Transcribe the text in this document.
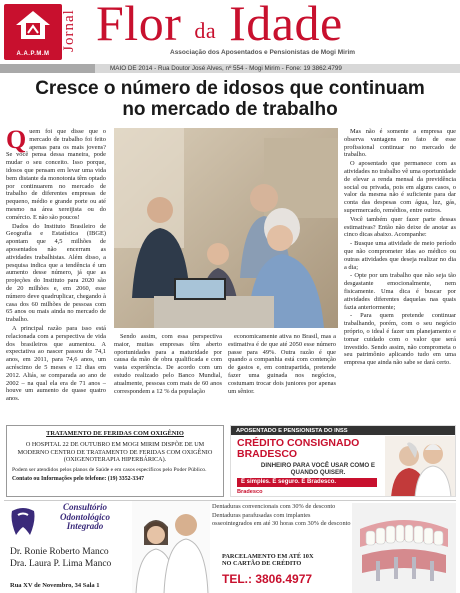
A.A.P.M.M
Jornal Flor da Idade
Associação dos Aposentados e Pensionistas de Mogi Mirim
MAIO DE 2014 - Rua Doutor José Alves, nº 554 - Mogi Mirim - Fone: 19 3862.4799
Cresce o número de idosos que continuam
no mercado de trabalho

Quem foi que disse que o mercado de trabalho foi feito apenas para os mais jovens? Se você pensa dessa maneira, pode mudar o seu conceito. Isso porque, idosos que pensam em levar uma vida bem distante da monotonia têm optado por continuarem no mercado de trabalho de diferentes empresas de pequeno, médio e grande porte ou até mesmo na área xereijista ou do comércio. E não são poucos!

Dados do Instituto Brasileiro de Geografia e Estatística (IBGE) apontam que 4,5 milhões de aposentados não encerram as atividades trabalhistas. Além disso, a pesquisa indica que a tendência é um aumento desse número, já que as projeções do Instituto para 2020 são de 20 milhões e, em 2060, esse número deve quadruplicar, chegando à casa dos 60 milhões de pessoas com 65 anos ou mais ainda no mercado de trabalho.

A principal razão para isso está relacionada com a perspectiva de vida dos brasileiros que aumentou. A expectativa ao nascer passou de 74,1 anos, em 2011, para 74,6 anos, um acréscimo de 5 meses e 12 dias em 2012. Aliás, se comparada ao ano de 2002 – na qual ela era de 71 anos – houve um aumento de quase quatro anos.

Sendo assim, com essa perspectiva maior, muitas empresas têm aberto oportunidades para a maturidade por causa da mão de obra qualificada e com vasta experiência. De acordo com um estudo realizado pelo Banco Mundial, atualmente, pessoas com mais de 60 anos correspondem a 12 % da população

economicamente ativa no Brasil, mas a estimativa é de que até 2050 esse número passe para 49%. Outra razão é que quando a companhia está com contenção de gastos e, em contrapartida, pretende fazer uma guinada nos negócios, costumam trocar dois juniores por apenas um sênior.

Mas não é somente a empresa que observa vantagens no fato de esse profissional continuar no mercado de trabalho.

O aposentado que permanece com as atividades no trabalho vê uma oportunidade de elevar a renda mensal da previdência social ou privada, pois em alguns casos, o valor da mesma não é suficiente para dar conta das despesas com água, luz, gás, supermercado, remédios, entre outros.

Você também quer fazer parte dessas estimativas? Então não deixe de anotar as cinco dicas abaixo. Acompanhe:

- Busque uma atividade de meio período que não comprometer idas ao médico ou outras atividades que deseja realizar no dia a dia;

- Opte por um trabalho que não seja tão desgastante emocionalmente, nem fisicamente. Uma dica é buscar por atividades diferentes daquelas nas quais fazia anteriormente;

- Para quem pretende continuar trabalhando, porém, com o seu negócio próprio, o ideal é fazer um planejamento e tomar cuidado com o valor que será investido. Sendo assim, não comprometa o seu patrimônio aplicando tudo em uma empresa que ainda não sabe se dará certo.

TRATAMENTO DE FERIDAS COM OXIGÊNIO
O HOSPITAL 22 DE OUTUBRO EM MOGI MIRIM DISPÕE DE UM MODERNO CENTRO DE TRATAMENTO DE FERIDAS COM OXIGÊNIO (OXIGENOTERAPIA HIPERBÁRICA).
Podem ser atendidos pelos planos de Saúde e em casos específicos pelo Poder Público.
Contato ou Informações pelo telefone: (19) 3352-3347
APOSENTADO E PENSIONISTA DO INSS
CRÉDITO CONSIGNADO BRADESCO
DINHEIRO PARA VOCÊ USAR COMO E QUANDO QUISER.
É simples. É seguro. É Bradesco.
Bradesco
Consultório
Odontológico
Integrado
Dr. Ronie Roberto Manco
Dra. Laura P. Lima Manco
Rua XV de Novembro, 34 Sala 1
Dentaduras convencionais com 30% de desconto
Dentaduras parafusadas com implantes osseointegrados em até 30 horas com 30% de desconto
PARCELAMENTO EM ATÉ 10X
NO CARTÃO DE CRÉDITO
TEL.: 3806.4977
